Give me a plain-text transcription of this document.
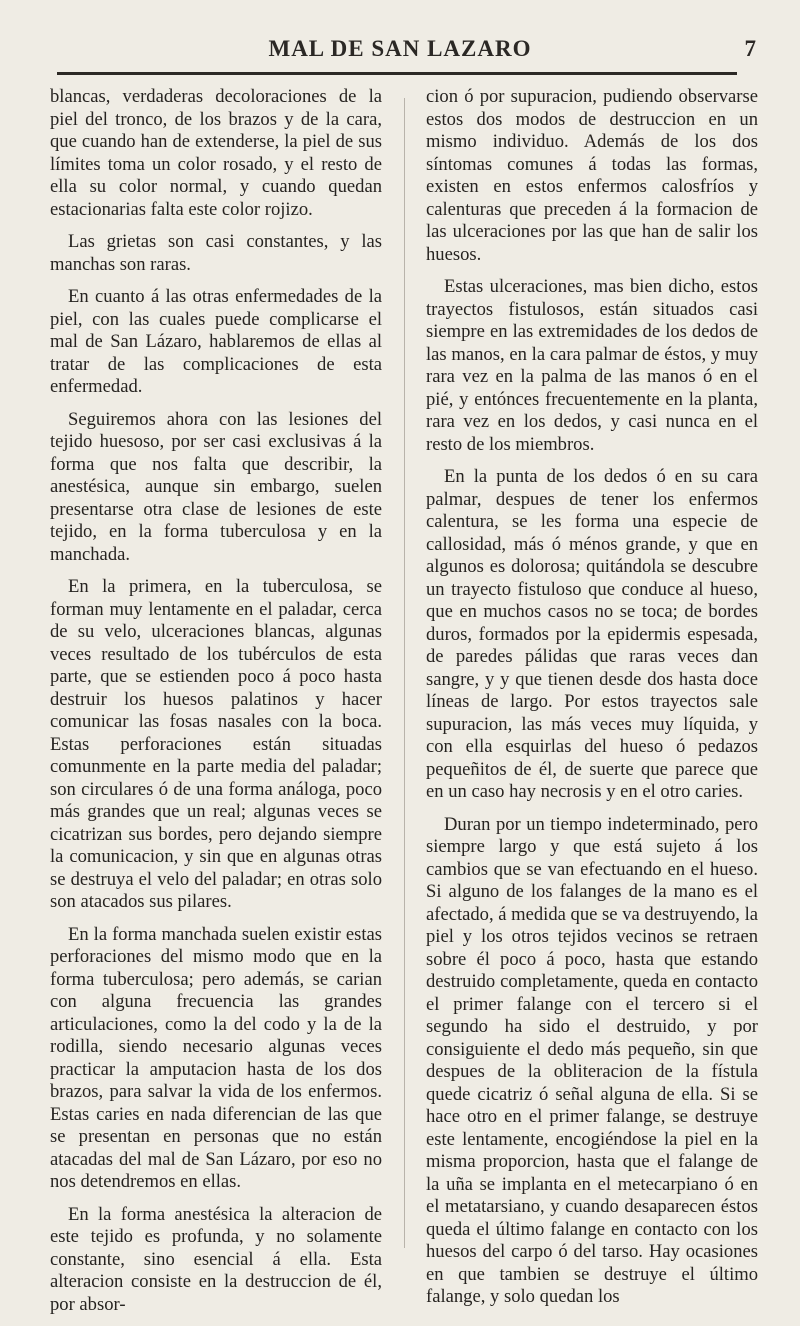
MAL DE SAN LAZARO	7

blancas, verdaderas decoloraciones de la piel del tronco, de los brazos y de la cara, que cuando han de extenderse, la piel de sus límites toma un color rosado, y el resto de ella su color normal, y cuando quedan estacionarias falta este color rojizo.

Las grietas son casi constantes, y las manchas son raras.

En cuanto á las otras enfermedades de la piel, con las cuales puede complicarse el mal de San Lázaro, hablaremos de ellas al tratar de las complicaciones de esta enfermedad.

Seguiremos ahora con las lesiones del tejido huesoso, por ser casi exclusivas á la forma que nos falta que describir, la anestésica, aunque sin embargo, suelen presentarse otra clase de lesiones de este tejido, en la forma tuberculosa y en la manchada.

En la primera, en la tuberculosa, se forman muy lentamente en el paladar, cerca de su velo, ulceraciones blancas, algunas veces resultado de los tubérculos de esta parte, que se estienden poco á poco hasta destruir los huesos palatinos y hacer comunicar las fosas nasales con la boca. Estas perforaciones están situadas comunmente en la parte media del paladar; son circulares ó de una forma análoga, poco más grandes que un real; algunas veces se cicatrizan sus bordes, pero dejando siempre la comunicacion, y sin que en algunas otras se destruya el velo del paladar; en otras solo son atacados sus pilares.

En la forma manchada suelen existir estas perforaciones del mismo modo que en la forma tuberculosa; pero además, se carian con alguna frecuencia las grandes articulaciones, como la del codo y la de la rodilla, siendo necesario algunas veces practicar la amputacion hasta de los dos brazos, para salvar la vida de los enfermos. Estas caries en nada diferencian de las que se presentan en personas que no están atacadas del mal de San Lázaro, por eso no nos detendremos en ellas.

En la forma anestésica la alteracion de este tejido es profunda, y no solamente constante, sino esencial á ella. Esta alteracion consiste en la destruccion de él, por absor-

cion ó por supuracion, pudiendo observarse estos dos modos de destruccion en un mismo individuo. Además de los dos síntomas comunes á todas las formas, existen en estos enfermos calosfríos y calenturas que preceden á la formacion de las ulceraciones por las que han de salir los huesos.

Estas ulceraciones, mas bien dicho, estos trayectos fistulosos, están situados casi siempre en las extremidades de los dedos de las manos, en la cara palmar de éstos, y muy rara vez en la palma de las manos ó en el pié, y entónces frecuentemente en la planta, rara vez en los dedos, y casi nunca en el resto de los miembros.

En la punta de los dedos ó en su cara palmar, despues de tener los enfermos calentura, se les forma una especie de callosidad, más ó ménos grande, y que en algunos es dolorosa; quitándola se descubre un trayecto fistuloso que conduce al hueso, que en muchos casos no se toca; de bordes duros, formados por la epidermis espesada, de paredes pálidas que raras veces dan sangre, y y que tienen desde dos hasta doce líneas de largo. Por estos trayectos sale supuracion, las más veces muy líquida, y con ella esquirlas del hueso ó pedazos pequeñitos de él, de suerte que parece que en un caso hay necrosis y en el otro caries.

Duran por un tiempo indeterminado, pero siempre largo y que está sujeto á los cambios que se van efectuando en el hueso. Si alguno de los falanges de la mano es el afectado, á medida que se va destruyendo, la piel y los otros tejidos vecinos se retraen sobre él poco á poco, hasta que estando destruido completamente, queda en contacto el primer falange con el tercero si el segundo ha sido el destruido, y por consiguiente el dedo más pequeño, sin que despues de la obliteracion de la fístula quede cicatriz ó señal alguna de ella. Si se hace otro en el primer falange, se destruye este lentamente, encogiéndose la piel en la misma proporcion, hasta que el falange de la uña se implanta en el metecarpiano ó en el metatarsiano, y cuando desaparecen éstos queda el último falange en contacto con los huesos del carpo ó del tarso. Hay ocasiones en que tambien se destruye el último falange, y solo quedan los
